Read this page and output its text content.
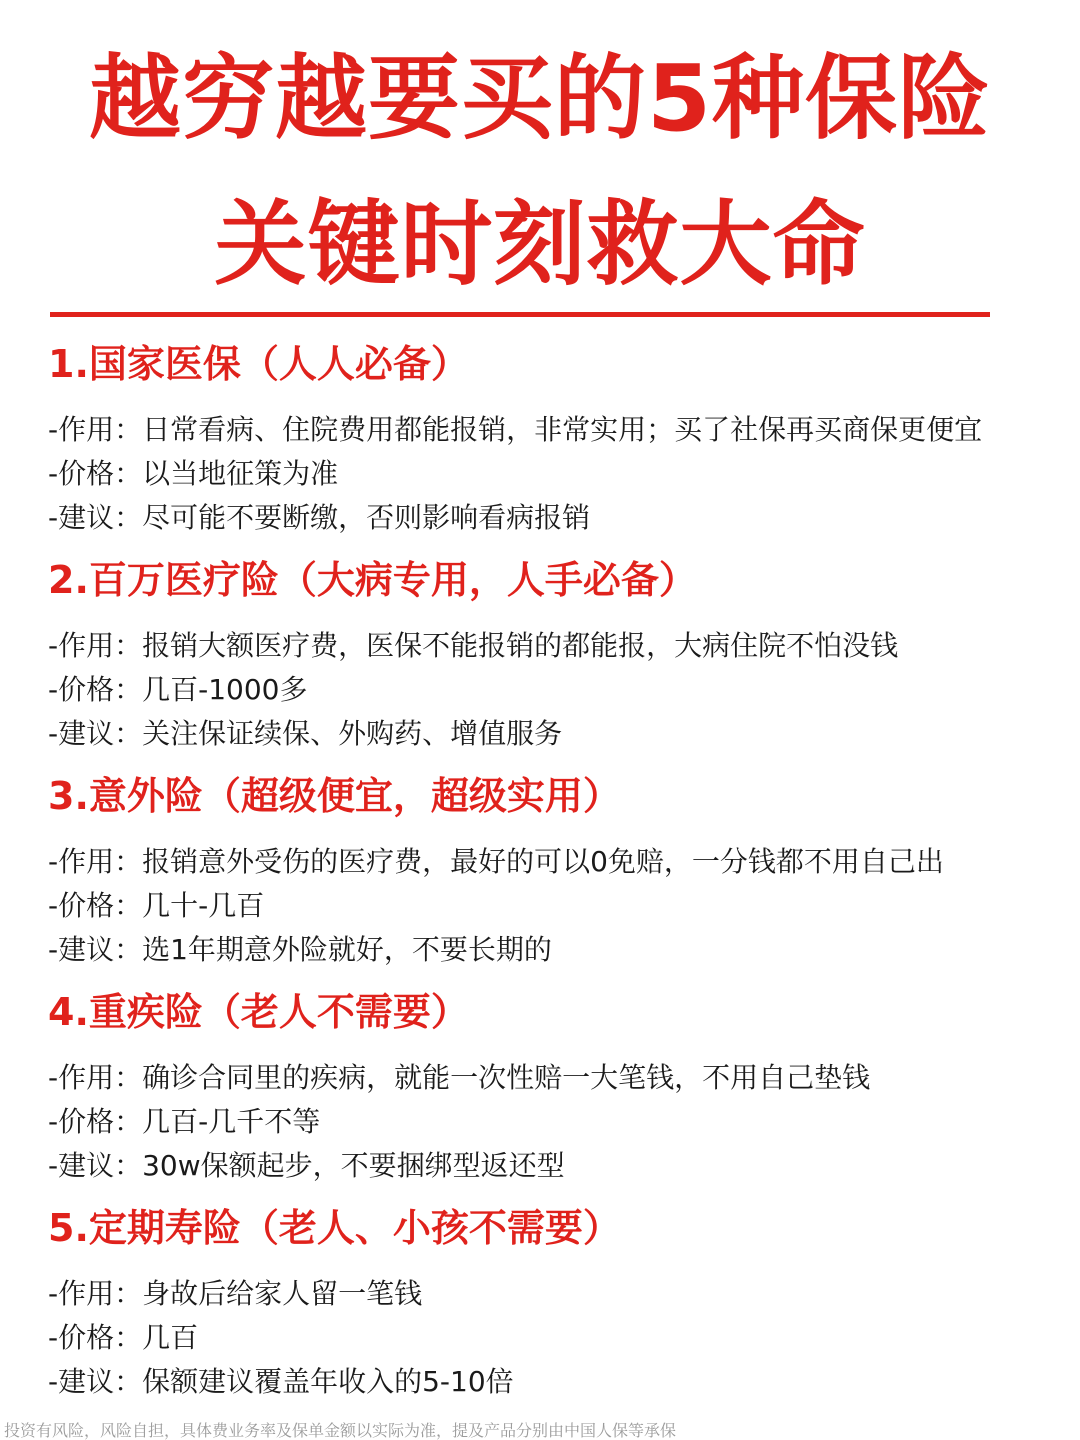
越穷越要买的5种保险
关键时刻救大命
1.国家医保（人人必备）
-作用：日常看病、住院费用都能报销，非常实用；买了社保再买商保更便宜
-价格：以当地征策为准
-建议：尽可能不要断缴，否则影响看病报销
2.百万医疗险（大病专用，人手必备）
-作用：报销大额医疗费，医保不能报销的都能报，大病住院不怕没钱
-价格：几百-1000多
-建议：关注保证续保、外购药、增值服务
3.意外险（超级便宜，超级实用）
-作用：报销意外受伤的医疗费，最好的可以0免赔，一分钱都不用自己出
-价格：几十-几百
-建议：选1年期意外险就好，不要长期的
4.重疾险（老人不需要）
-作用：确诊合同里的疾病，就能一次性赔一大笔钱，不用自己垫钱
-价格：几百-几千不等
-建议：30w保额起步，不要捆绑型返还型
5.定期寿险（老人、小孩不需要）
-作用：身故后给家人留一笔钱
-价格：几百
-建议：保额建议覆盖年收入的5-10倍
投资有风险，风险自担，具体费业务率及保单金额以实际为准，提及产品分别由中国人保等承保
